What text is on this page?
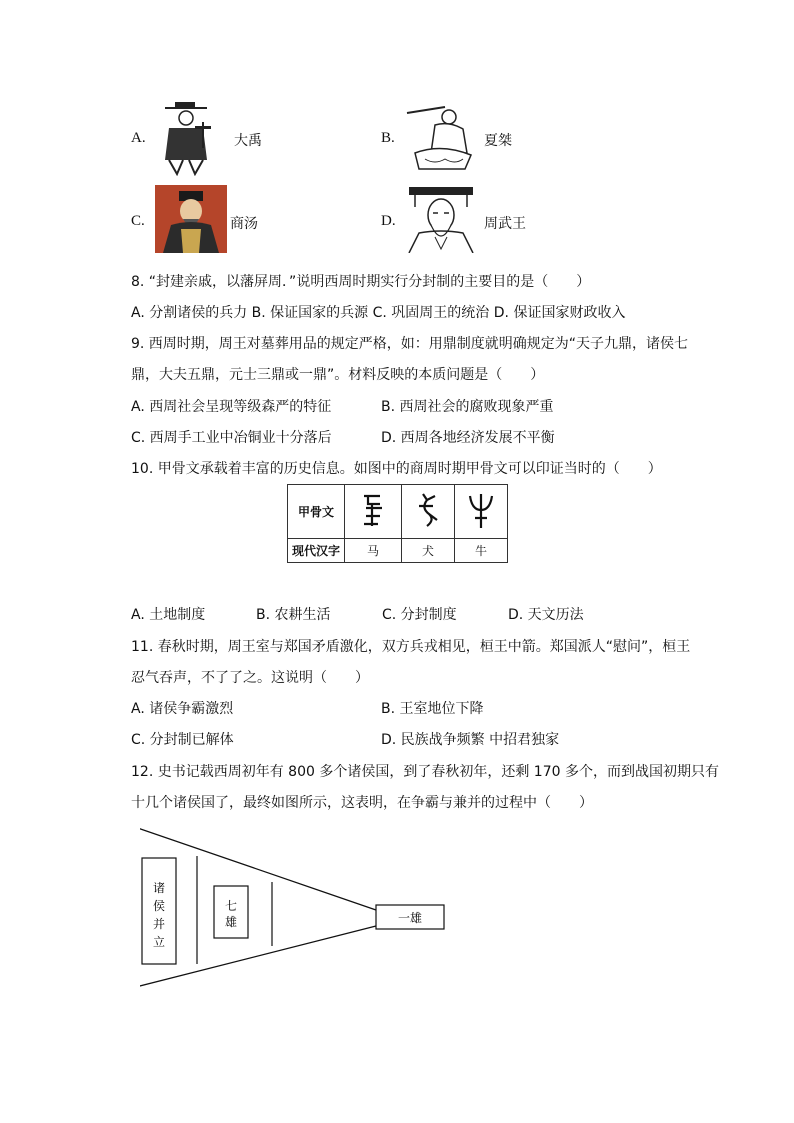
A.	大禹	B.	夏桀
C.	商汤	D.	周武王
8. “封建亲戚，以藩屏周．”说明西周时期实行分封制的主要目的是（　　）
A. 分割诸侯的兵力 B. 保证国家的兵源 C. 巩固周王的统治 D. 保证国家财政收入
9. 西周时期，周王对墓葬用品的规定严格，如：用鼎制度就明确规定为“天子九鼎，诸侯七
鼎，大夫五鼎，元士三鼎或一鼎”。材料反映的本质问题是（　　）
A. 西周社会呈现等级森严的特征	B. 西周社会的腐败现象严重
C. 西周手工业中冶铜业十分落后	D. 西周各地经济发展不平衡
10. 甲骨文承载着丰富的历史信息。如图中的商周时期甲骨文可以印证当时的（　　）
甲骨文			
现代汉字	马	犬	牛
A. 土地制度	B. 农耕生活	C. 分封制度	D. 天文历法
11. 春秋时期，周王室与郑国矛盾激化，双方兵戎相见，桓王中箭。郑国派人“慰问”，桓王
忍气吞声，不了了之。这说明（　　）
A. 诸侯争霸激烈	B. 王室地位下降
C. 分封制已解体	D. 民族战争频繁 中招君独家
12. 史书记载西周初年有 800 多个诸侯国，到了春秋初年，还剩 170 多个，而到战国初期只有
十几个诸侯国了，最终如图所示，这表明，在争霸与兼并的过程中（　　）
诸
侯
并
立
七
雄	一雄
